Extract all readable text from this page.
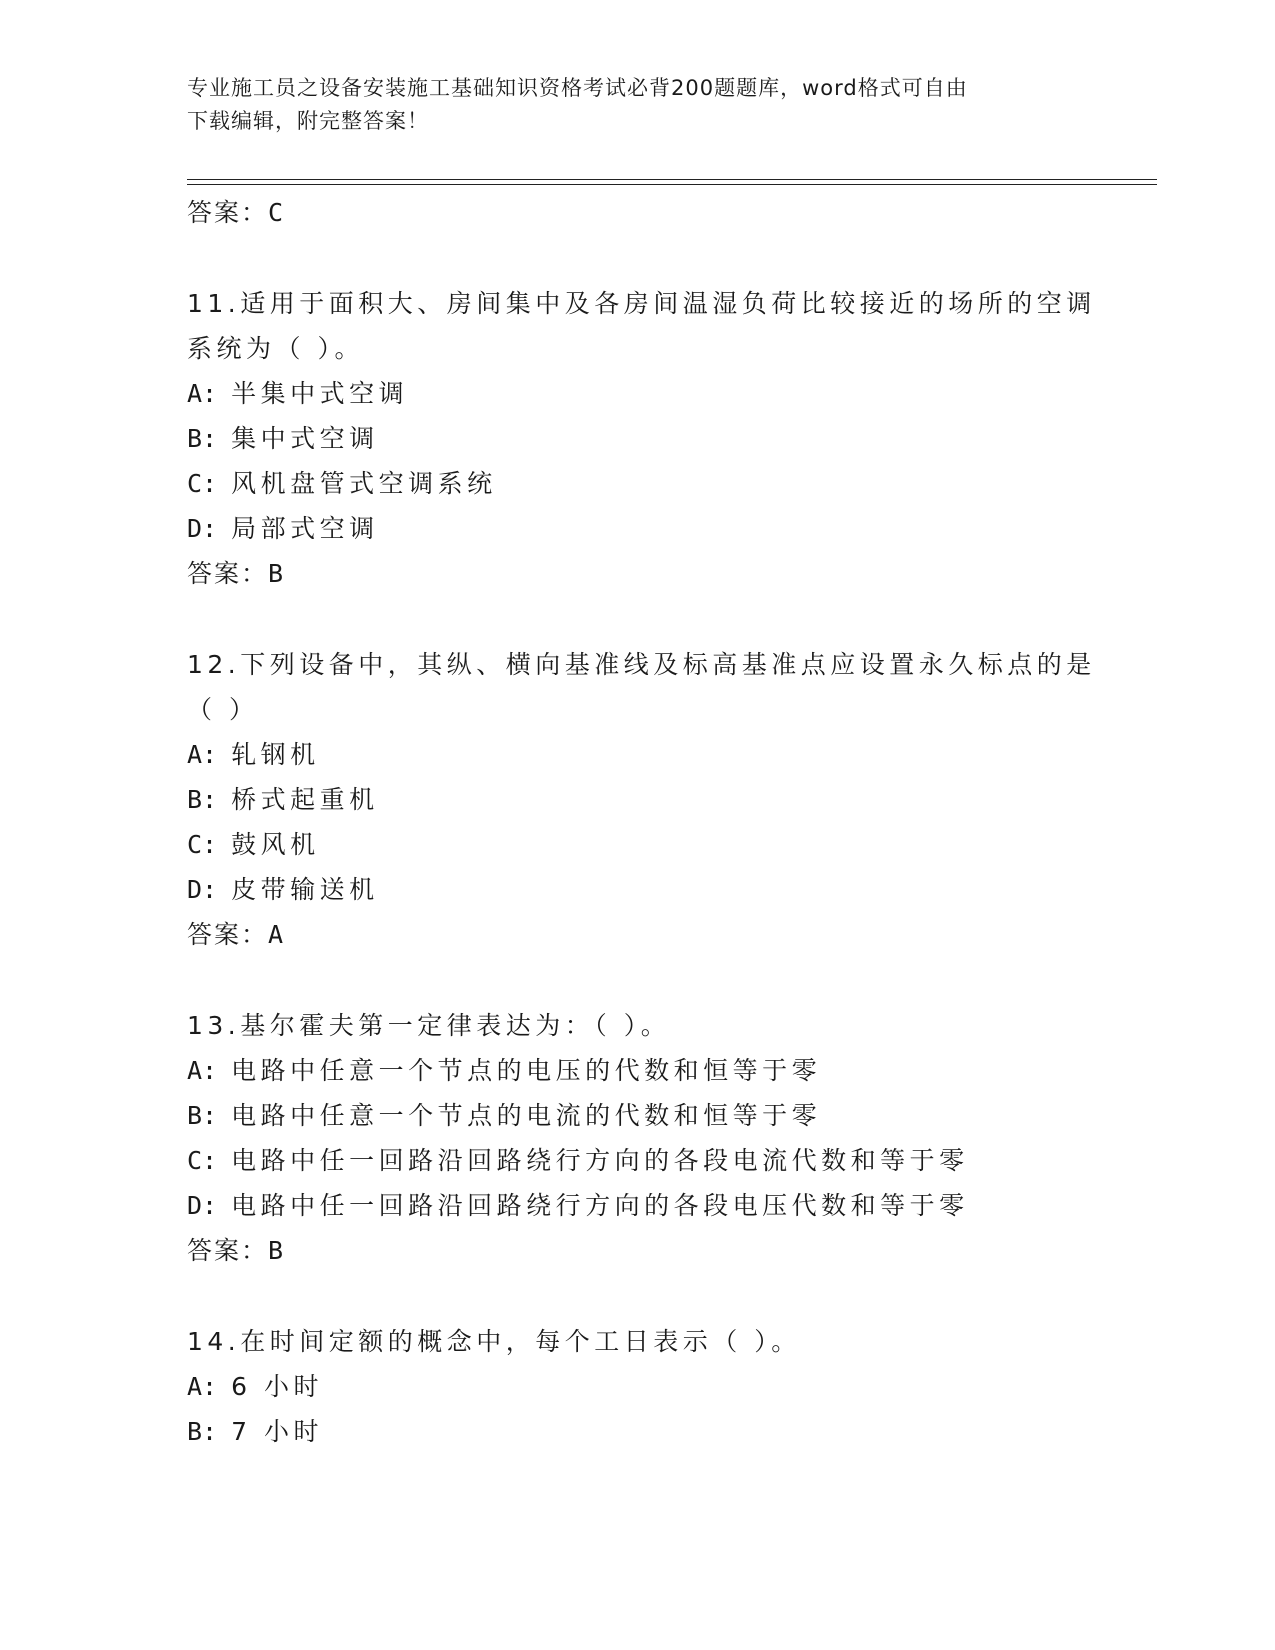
专业施工员之设备安装施工基础知识资格考试必背200题题库，word格式可自由
下载编辑，附完整答案！
答案：C
11.适用于面积大、房间集中及各房间温湿负荷比较接近的场所的空调
系统为（ ）。
A: 半集中式空调
B: 集中式空调
C: 风机盘管式空调系统
D: 局部式空调
答案：B
12.下列设备中，其纵、横向基准线及标高基准点应设置永久标点的是
（ ）
A: 轧钢机
B: 桥式起重机
C: 鼓风机
D: 皮带输送机
答案：A
13.基尔霍夫第一定律表达为：（ ）。
A: 电路中任意一个节点的电压的代数和恒等于零
B: 电路中任意一个节点的电流的代数和恒等于零
C: 电路中任一回路沿回路绕行方向的各段电流代数和等于零
D: 电路中任一回路沿回路绕行方向的各段电压代数和等于零
答案：B
14.在时间定额的概念中，每个工日表示（ ）。
A: 6 小时
B: 7 小时
